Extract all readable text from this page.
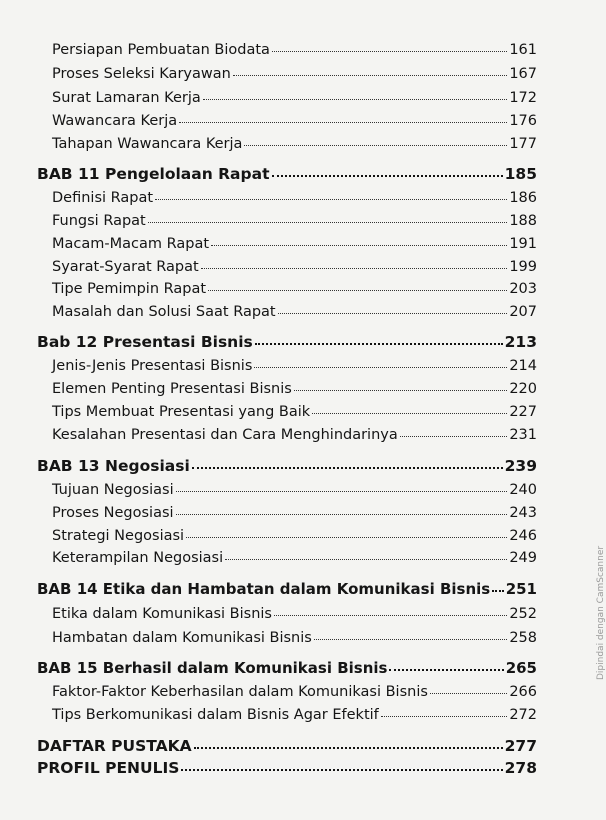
Persiapan Pembuatan Biodata	161
Proses Seleksi Karyawan	167
Surat Lamaran Kerja	172
Wawancara Kerja	176
Tahapan Wawancara Kerja	177
BAB 11 Pengelolaan Rapat	185
Definisi Rapat	186
Fungsi Rapat	188
Macam-Macam Rapat	191
Syarat-Syarat Rapat	199
Tipe Pemimpin Rapat	203
Masalah dan Solusi Saat Rapat	207
Bab 12 Presentasi Bisnis	213
Jenis-Jenis Presentasi Bisnis	214
Elemen Penting Presentasi Bisnis	220
Tips Membuat Presentasi yang Baik	227
Kesalahan Presentasi dan Cara Menghindarinya	231
BAB 13 Negosiasi	239
Tujuan Negosiasi	240
Proses Negosiasi	243
Strategi Negosiasi	246
Keterampilan Negosiasi	249
BAB 14 Etika dan Hambatan dalam Komunikasi Bisnis 251
Etika dalam Komunikasi Bisnis	252
Hambatan dalam Komunikasi Bisnis	258
BAB 15 Berhasil dalam Komunikasi Bisnis	265
Faktor-Faktor Keberhasilan dalam Komunikasi Bisnis	266
Tips Berkomunikasi dalam Bisnis Agar Efektif	272
DAFTAR PUSTAKA	277
PROFIL PENULIS	278
Dipindai dengan CamScanner
